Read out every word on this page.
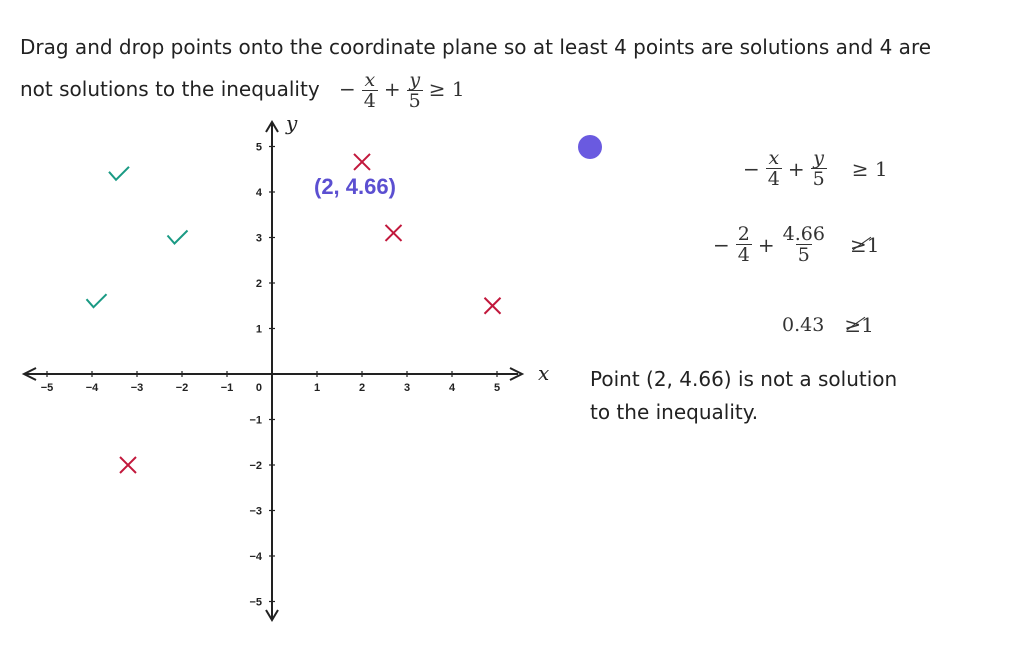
Drag and drop points onto the coordinate plane so at least 4 points are solutions and 4 are
not solutions to the inequality − $\frac{x}{4} + \frac{y}{5} \ge 1$
x
y
−5	−4	−3	−2	−1	1	2	3	4	5
5
4
3
2
1
−1
−2
−3
−4
−5
0
(2, 4.66)
− $\frac{x}{4} + \frac{y}{5} \ge 1$
− $\frac{2}{4} + \frac{4.66}{5} \ge 1$
0.43 ≥1
Point (2, 4.66) is not a solution
to the inequality.
